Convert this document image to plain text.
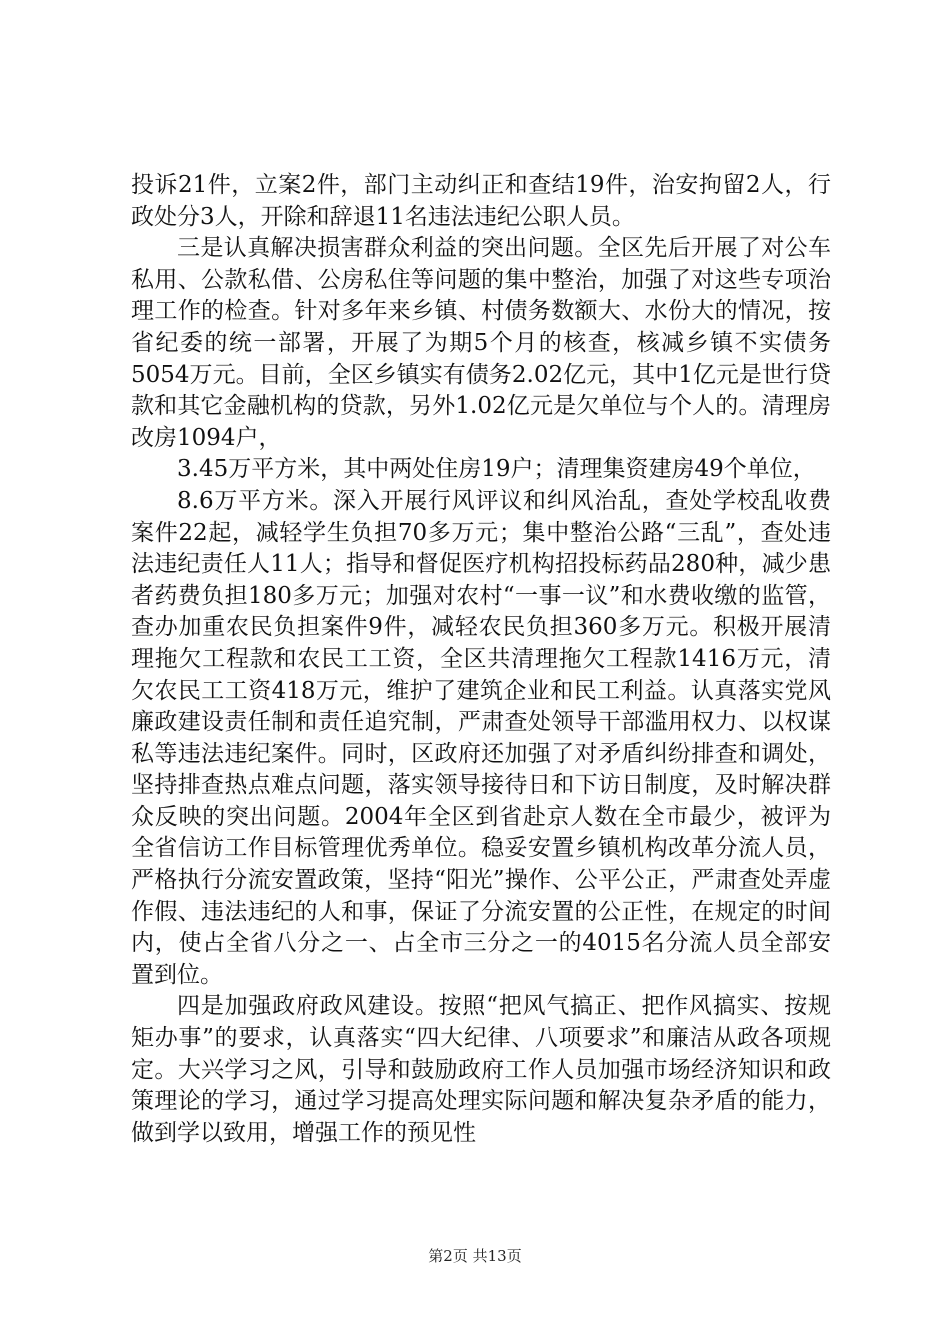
投诉21件，立案2件，部门主动纠正和查结19件，治安拘留2人，行政处分3人，开除和辞退11名违法违纪公职人员。

三是认真解决损害群众利益的突出问题。全区先后开展了对公车私用、公款私借、公房私住等问题的集中整治，加强了对这些专项治理工作的检查。针对多年来乡镇、村债务数额大、水份大的情况，按省纪委的统一部署，开展了为期5个月的核查，核减乡镇不实债务5054万元。目前，全区乡镇实有债务2.02亿元，其中1亿元是世行贷款和其它金融机构的贷款，另外1.02亿元是欠单位与个人的。清理房改房1094户，

3.45万平方米，其中两处住房19户；清理集资建房49个单位，

8.6万平方米。深入开展行风评议和纠风治乱，查处学校乱收费案件22起，减轻学生负担70多万元；集中整治公路“三乱”，查处违法违纪责任人11人；指导和督促医疗机构招投标药品280种，减少患者药费负担180多万元；加强对农村“一事一议”和水费收缴的监管，查办加重农民负担案件9件，减轻农民负担360多万元。积极开展清理拖欠工程款和农民工工资，全区共清理拖欠工程款1416万元，清欠农民工工资418万元，维护了建筑企业和民工利益。认真落实党风廉政建设责任制和责任追究制，严肃查处领导干部滥用权力、以权谋私等违法违纪案件。同时，区政府还加强了对矛盾纠纷排查和调处，坚持排查热点难点问题，落实领导接待日和下访日制度，及时解决群众反映的突出问题。2004年全区到省赴京人数在全市最少，被评为全省信访工作目标管理优秀单位。稳妥安置乡镇机构改革分流人员，严格执行分流安置政策，坚持“阳光”操作、公平公正，严肃查处弄虚作假、违法违纪的人和事，保证了分流安置的公正性，在规定的时间内，使占全省八分之一、占全市三分之一的4015名分流人员全部安置到位。

四是加强政府政风建设。按照“把风气搞正、把作风搞实、按规矩办事”的要求，认真落实“四大纪律、八项要求”和廉洁从政各项规定。大兴学习之风，引导和鼓励政府工作人员加强市场经济知识和政策理论的学习，通过学习提高处理实际问题和解决复杂矛盾的能力，做到学以致用，增强工作的预见性

第2页 共13页
